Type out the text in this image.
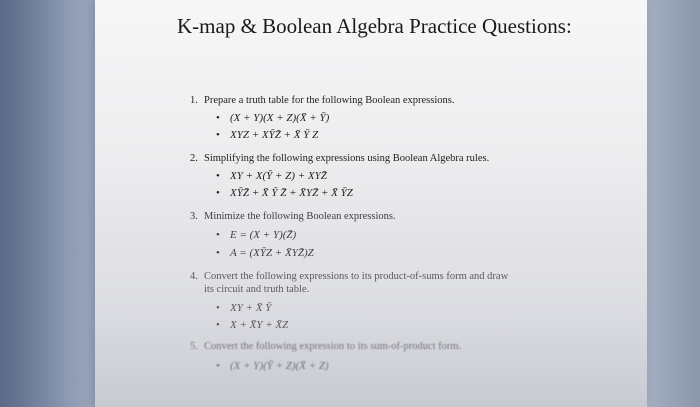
K-map & Boolean Algebra Practice Questions:
1. Prepare a truth table for the following Boolean expressions.
• (X + Y)(X + Z)(X̄ + Ȳ)
• XYZ + XȲZ̄ + X̄ Ȳ Z
2. Simplifying the following expressions using Boolean Algebra rules.
• XY + X(Ȳ + Z) + XYZ̄
• XȲZ̄ + X̄ Ȳ Z̄ + X̄YZ̄ + X̄ ȲZ
3. Minimize the following Boolean expressions.
• E = (X + Y)(Z̄)
• A = (XȲZ + X̄YZ̄)Z
4. Convert the following expressions to its product-of-sums form and draw
its circuit and truth table.
• XY + X̄ Ȳ
• X + X̄Y + X̄Z
5. Convert the following expression to its sum-of-product form.
• (X + Y)(Ȳ + Z)(X̄ + Z)
